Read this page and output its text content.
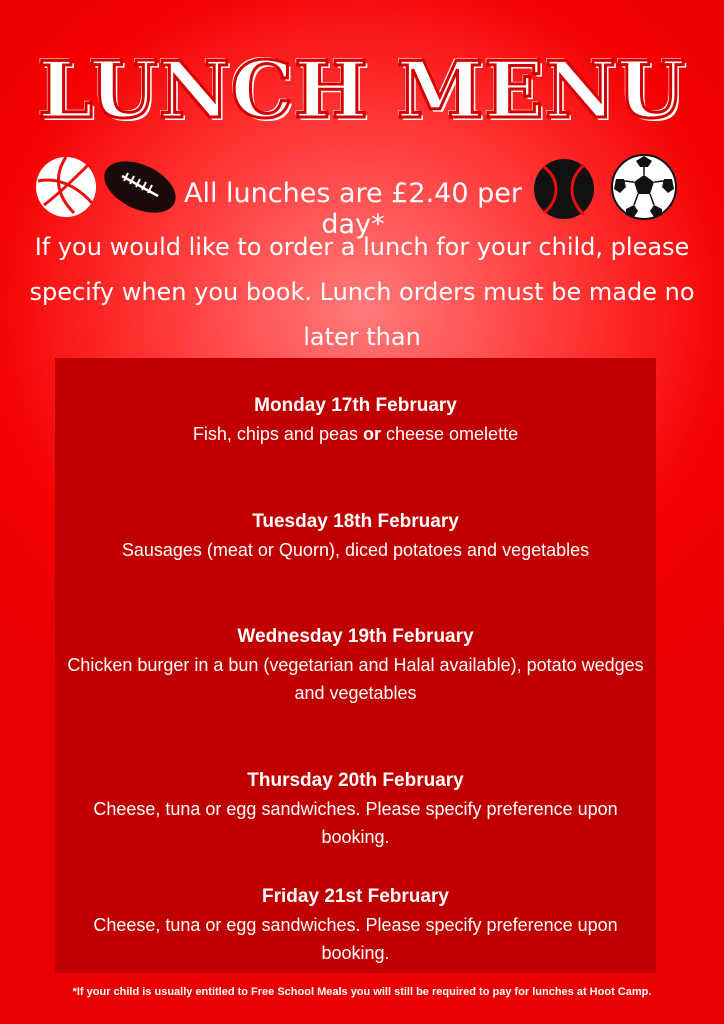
LUNCH MENU
All lunches are £2.40 per day*
If you would like to order a lunch for your child, please specify when you book. Lunch orders must be made no later than
Monday 17th February
Fish, chips and peas or cheese omelette
Tuesday 18th February
Sausages (meat or Quorn), diced potatoes and vegetables
Wednesday 19th February
Chicken burger in a bun (vegetarian and Halal available), potato wedges and vegetables
Thursday 20th February
Cheese, tuna or egg sandwiches. Please specify preference upon booking.
Friday 21st February
Cheese, tuna or egg sandwiches. Please specify preference upon booking.
*If your child is usually entitled to Free School Meals you will still be required to pay for lunches at Hoot Camp.
